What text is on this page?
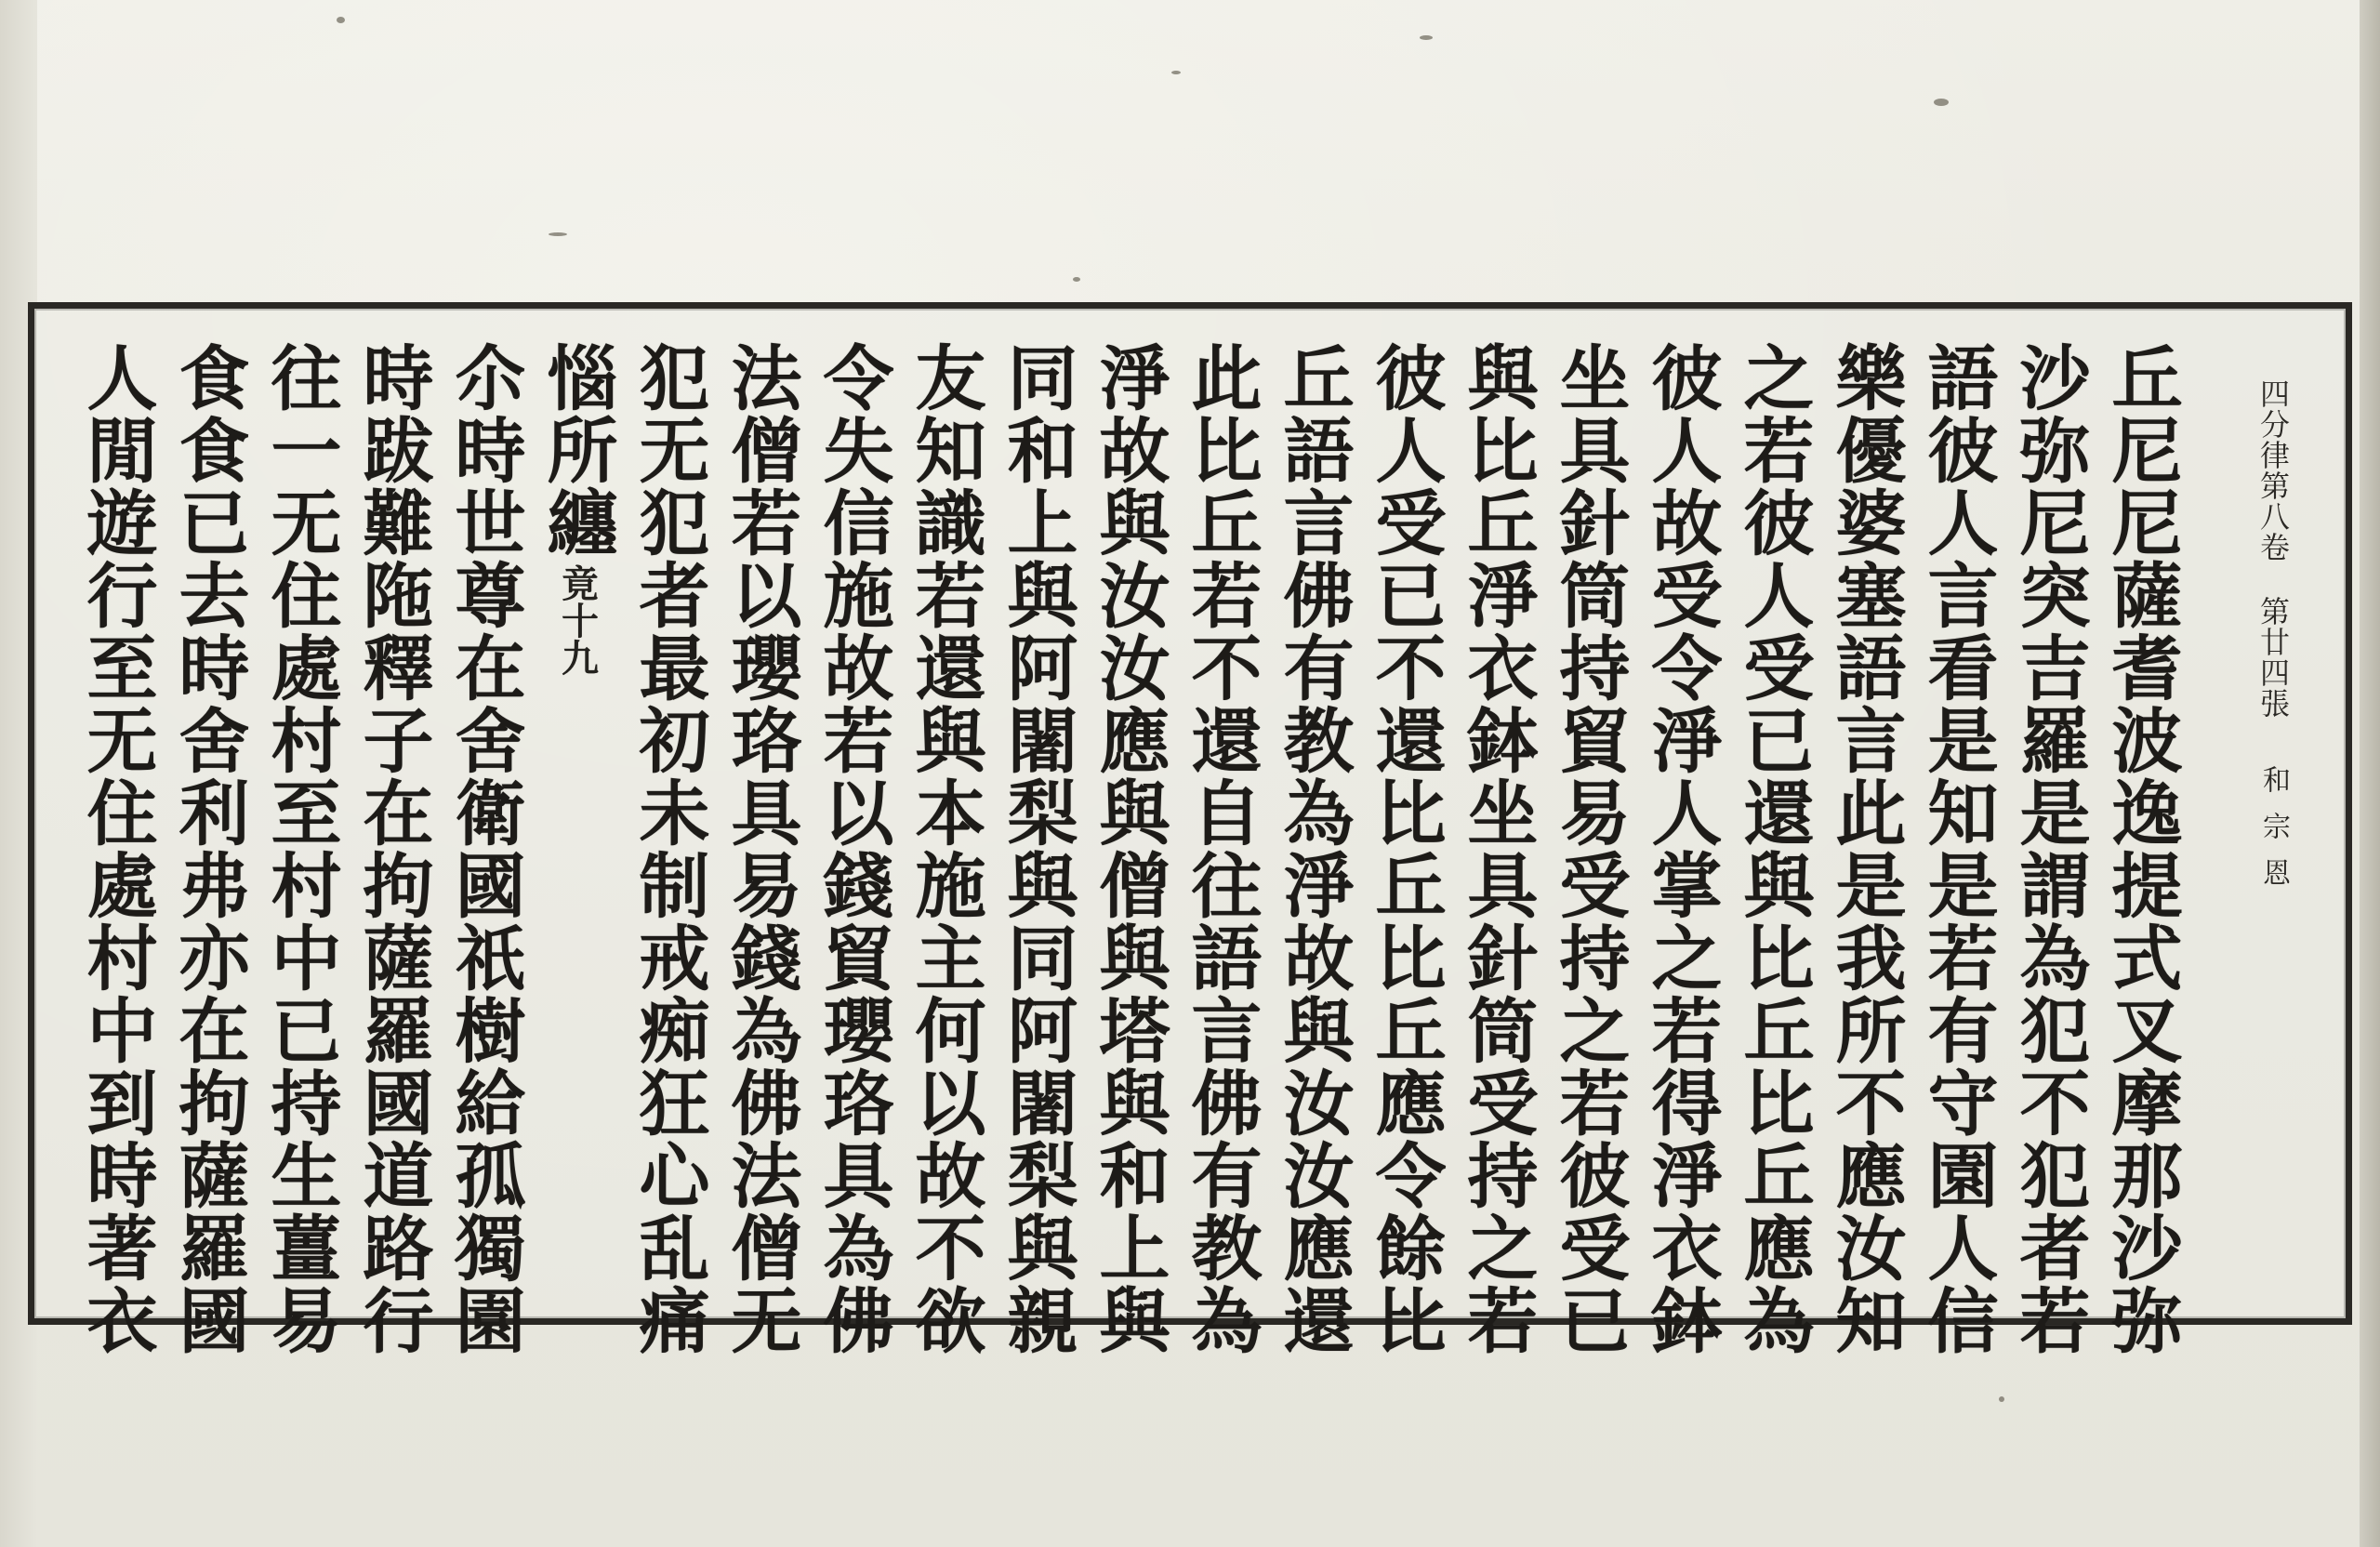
四分律第八卷
第廿四張
和宗恩
丘尼尼薩耆波逸提式叉摩那沙弥
沙弥尼突吉羅是謂為犯不犯者若
語彼人言看是知是若有守園人信
樂優婆塞語言此是我所不應汝知
之若彼人受已還與比丘比丘應為
彼人故受令淨人掌之若得淨衣鉢
坐具針筒持貿易受持之若彼受已
與比丘淨衣鉢坐具針筒受持之若
彼人受已不還比丘比丘應令餘比
丘語言佛有教為淨故與汝汝應還
此比丘若不還自往語言佛有教為
淨故與汝汝應與僧與塔與和上與
同和上與阿闍梨與同阿闍梨與親
友知識若還與本施主何以故不欲
令失信施故若以錢貿瓔珞具為佛
法僧若以瓔珞具易錢為佛法僧无
犯无犯者最初未制戒痴狂心乱痛
惱所纏
竟十九
尒時世尊在舍衛國祇樹給孤獨園
時跋難陁釋子在拘薩羅國道路行
往一无住處村至村中已持生薑易
食食已去時舍利弗亦在拘薩羅國
人閒遊行至无住處村中到時著衣
